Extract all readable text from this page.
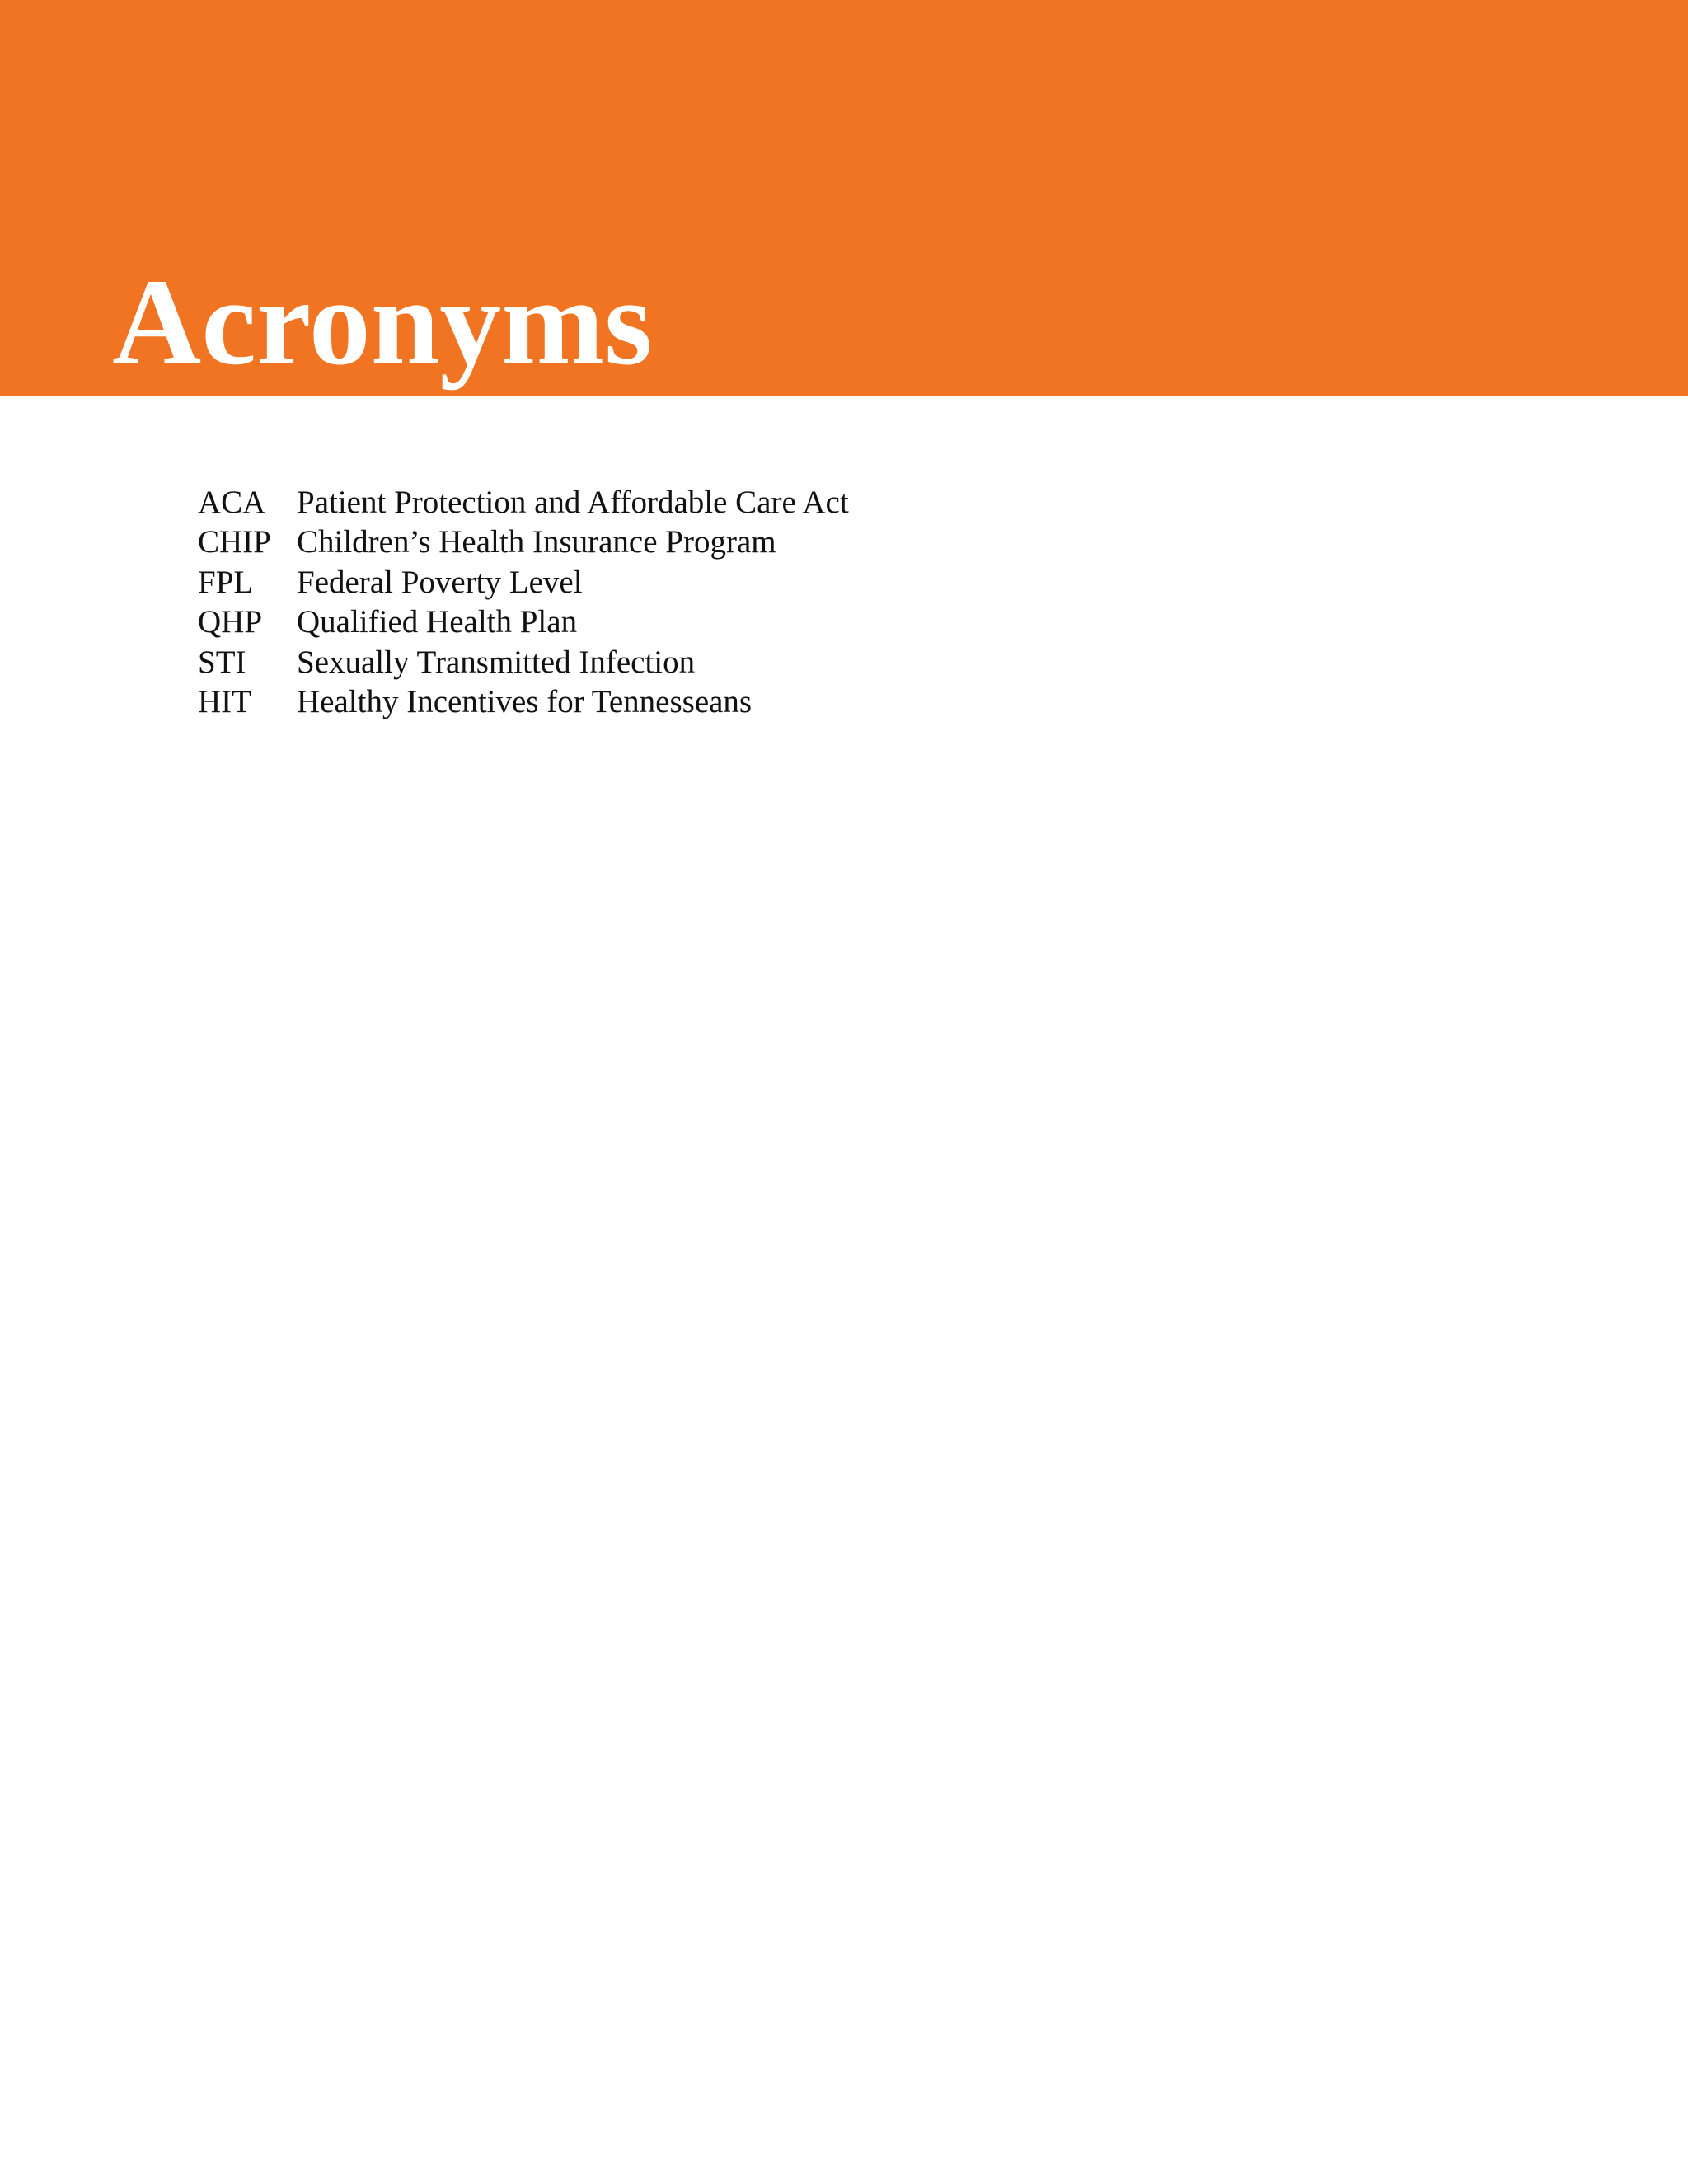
Acronyms
ACA Patient Protection and Affordable Care Act
CHIP Children’s Health Insurance Program
FPL	Federal Poverty Level
QHP	Qualified Health Plan
STI	Sexually Transmitted Infection
HIT	Healthy Incentives for Tennesseans
